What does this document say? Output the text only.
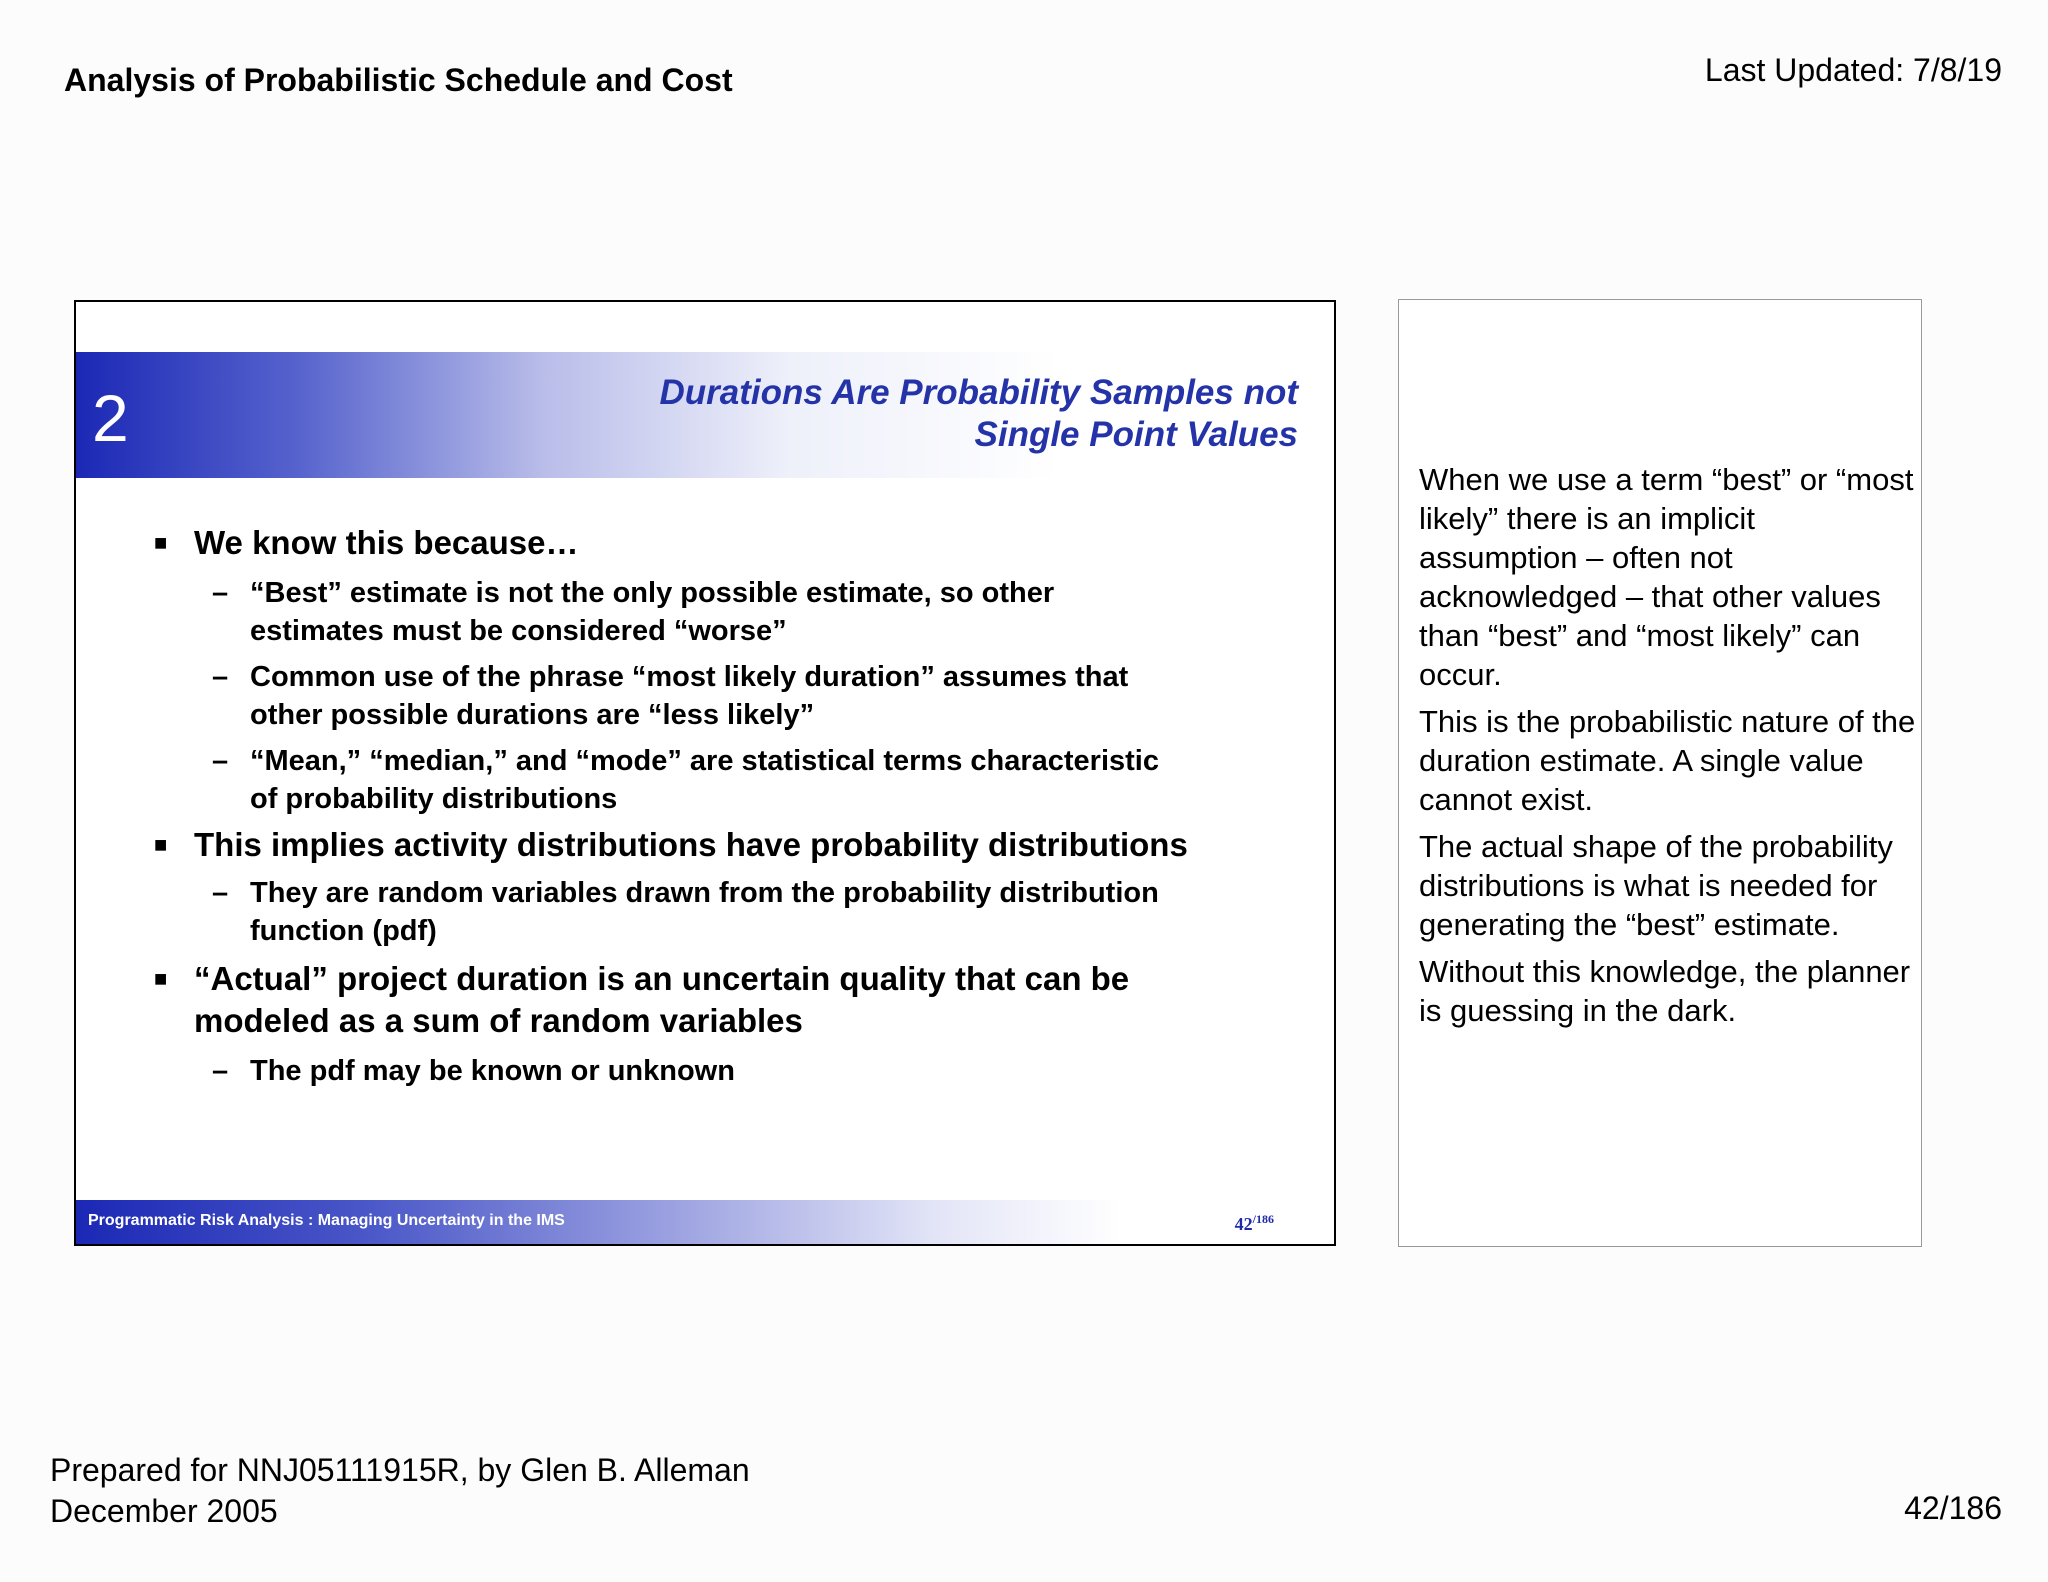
Analysis of Probabilistic Schedule and Cost	Last Updated: 7/8/19
2	Durations Are Probability Samples not
Single Point Values
■ We know this because…
– “Best” estimate is not the only possible estimate, so other
estimates must be considered “worse”
– Common use of the phrase “most likely duration” assumes that
other possible durations are “less likely”
– “Mean,” “median,” and “mode” are statistical terms characteristic
of probability distributions
■ This implies activity distributions have probability distributions
– They are random variables drawn from the probability distribution
function (pdf)
■ “Actual” project duration is an uncertain quality that can be
modeled as a sum of random variables
– The pdf may be known or unknown
Programmatic Risk Analysis : Managing Uncertainty in the IMS	$42^{/186}$

When we use a term “best” or “most likely” there is an implicit assumption – often not acknowledged – that other values than “best” and “most likely” can occur.

This is the probabilistic nature of the duration estimate. A single value cannot exist.

The actual shape of the probability distributions is what is needed for generating the “best” estimate.

Without this knowledge, the planner is guessing in the dark.

Prepared for NNJ05111915R, by Glen B. Alleman
December 2005	42/186
